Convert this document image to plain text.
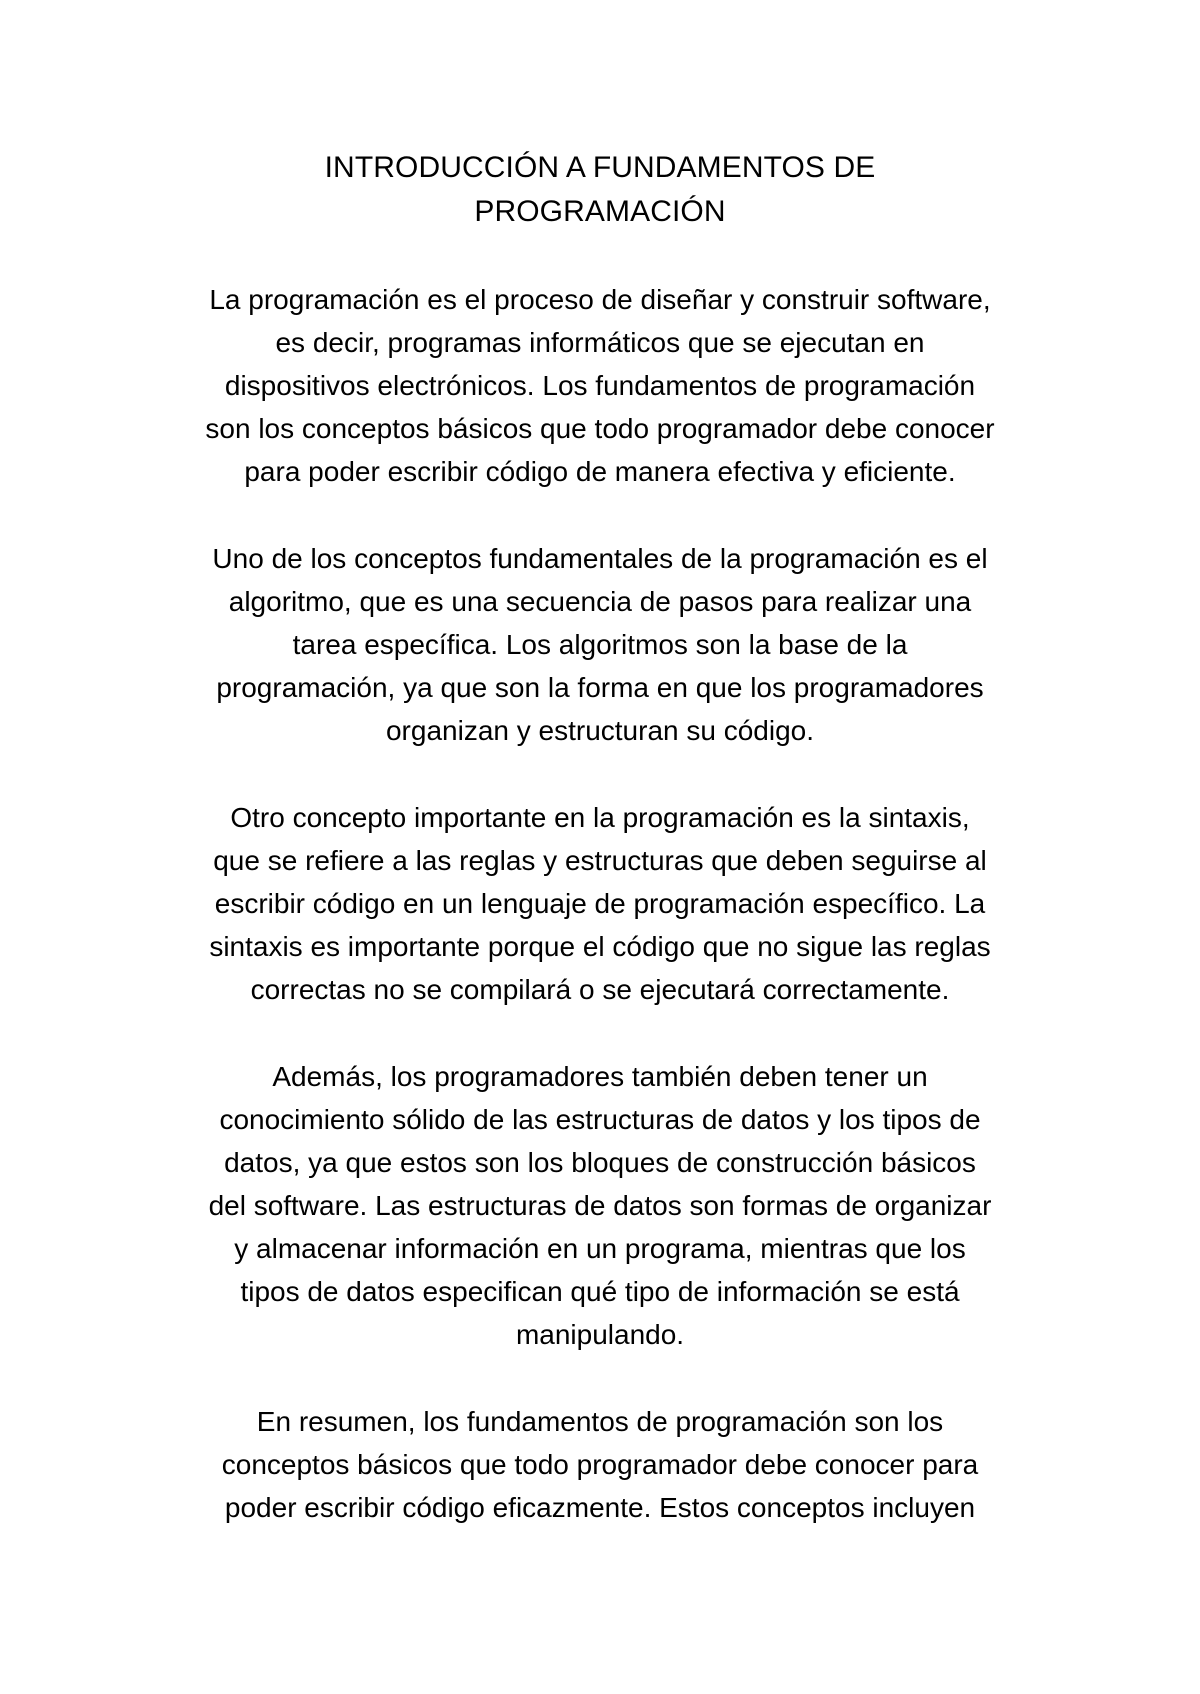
INTRODUCCIÓN A FUNDAMENTOS DE
PROGRAMACIÓN

La programación es el proceso de diseñar y construir software,
es decir, programas informáticos que se ejecutan en
dispositivos electrónicos. Los fundamentos de programación
son los conceptos básicos que todo programador debe conocer
para poder escribir código de manera efectiva y eficiente.

Uno de los conceptos fundamentales de la programación es el
algoritmo, que es una secuencia de pasos para realizar una
tarea específica. Los algoritmos son la base de la
programación, ya que son la forma en que los programadores
organizan y estructuran su código.

Otro concepto importante en la programación es la sintaxis,
que se refiere a las reglas y estructuras que deben seguirse al
escribir código en un lenguaje de programación específico. La
sintaxis es importante porque el código que no sigue las reglas
correctas no se compilará o se ejecutará correctamente.

Además, los programadores también deben tener un
conocimiento sólido de las estructuras de datos y los tipos de
datos, ya que estos son los bloques de construcción básicos
del software. Las estructuras de datos son formas de organizar
y almacenar información en un programa, mientras que los
tipos de datos especifican qué tipo de información se está
manipulando.

En resumen, los fundamentos de programación son los
conceptos básicos que todo programador debe conocer para
poder escribir código eficazmente. Estos conceptos incluyen
